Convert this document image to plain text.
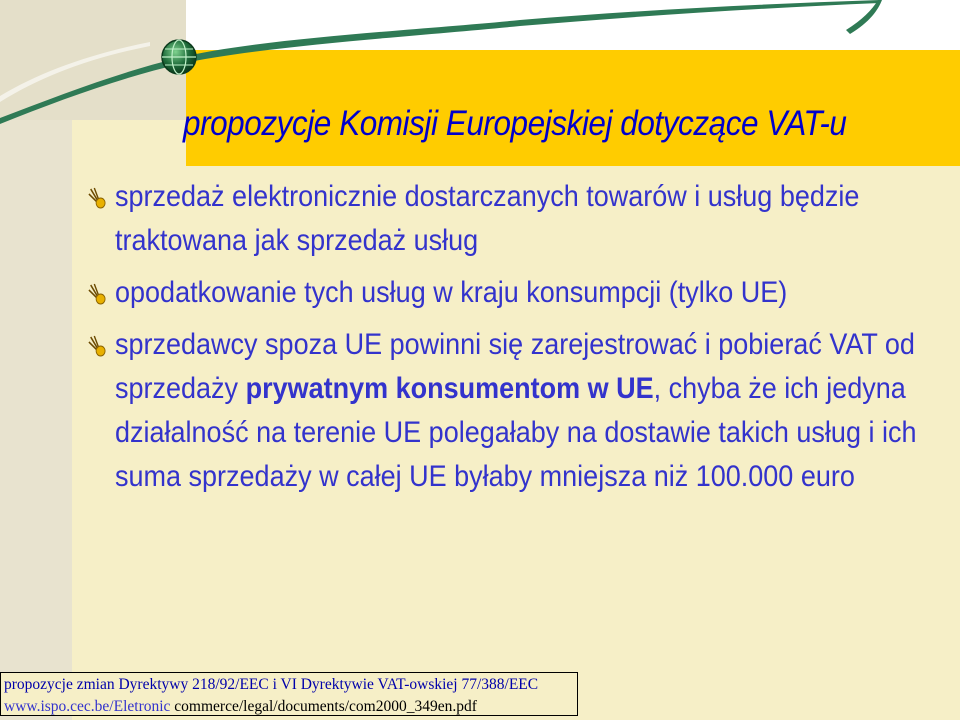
propozycje Komisji Europejskiej dotyczące VAT-u
sprzedaż elektronicznie dostarczanych towarów i usług będzie traktowana jak sprzedaż usług
opodatkowanie tych usług w kraju konsumpcji (tylko UE)
sprzedawcy spoza UE powinni się zarejestrować i pobierać VAT od sprzedaży prywatnym konsumentom w UE, chyba że ich jedyna działalność na terenie UE polegałaby na dostawie takich usług i ich suma sprzedaży w całej UE byłaby mniejsza niż 100.000 euro
propozycje zmian Dyrektywy 218/92/EEC i VI Dyrektywie VAT-owskiej 77/388/EEC
www.ispo.cec.be/Eletronic commerce/legal/documents/com2000_349en.pdf
